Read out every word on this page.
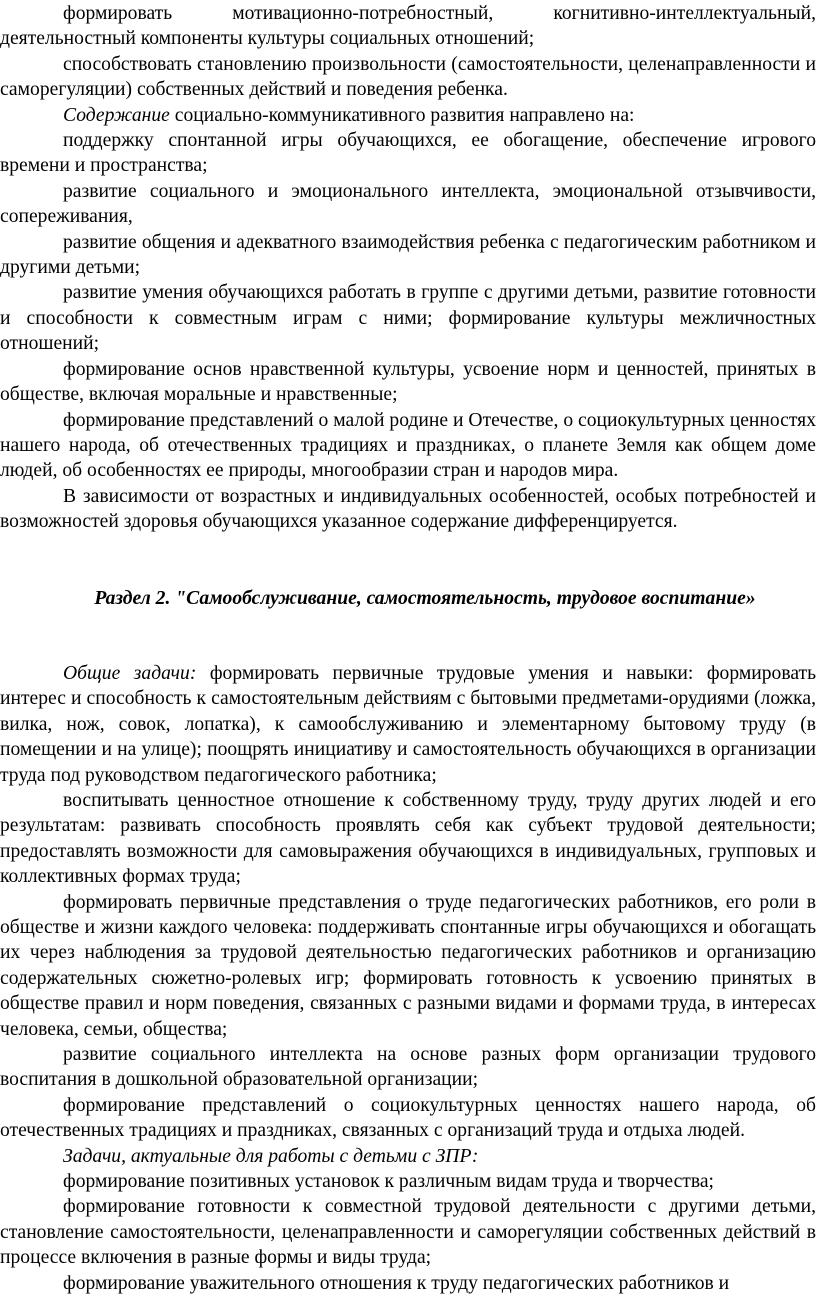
формировать мотивационно-потребностный, когнитивно-интеллектуальный, деятельностный компоненты культуры социальных отношений;

способствовать становлению произвольности (самостоятельности, целенаправленности и саморегуляции) собственных действий и поведения ребенка.

Содержание социально-коммуникативного развития направлено на:

поддержку спонтанной игры обучающихся, ее обогащение, обеспечение игрового времени и пространства;

развитие социального и эмоционального интеллекта, эмоциональной отзывчивости, сопереживания,

развитие общения и адекватного взаимодействия ребенка с педагогическим работником и другими детьми;

развитие умения обучающихся работать в группе с другими детьми, развитие готовности и способности к совместным играм с ними; формирование культуры межличностных отношений;

формирование основ нравственной культуры, усвоение норм и ценностей, принятых в обществе, включая моральные и нравственные;

формирование представлений о малой родине и Отечестве, о социокультурных ценностях нашего народа, об отечественных традициях и праздниках, о планете Земля как общем доме людей, об особенностях ее природы, многообразии стран и народов мира.

В зависимости от возрастных и индивидуальных особенностей, особых потребностей и возможностей здоровья обучающихся указанное содержание дифференцируется.

Раздел 2. "Самообслуживание, самостоятельность, трудовое воспитание»

Общие задачи: формировать первичные трудовые умения и навыки: формировать интерес и способность к самостоятельным действиям с бытовыми предметами-орудиями (ложка, вилка, нож, совок, лопатка), к самообслуживанию и элементарному бытовому труду (в помещении и на улице); поощрять инициативу и самостоятельность обучающихся в организации труда под руководством педагогического работника;

воспитывать ценностное отношение к собственному труду, труду других людей и его результатам: развивать способность проявлять себя как субъект трудовой деятельности; предоставлять возможности для самовыражения обучающихся в индивидуальных, групповых и коллективных формах труда;

формировать первичные представления о труде педагогических работников, его роли в обществе и жизни каждого человека: поддерживать спонтанные игры обучающихся и обогащать их через наблюдения за трудовой деятельностью педагогических работников и организацию содержательных сюжетно-ролевых игр; формировать готовность к усвоению принятых в обществе правил и норм поведения, связанных с разными видами и формами труда, в интересах человека, семьи, общества;

развитие социального интеллекта на основе разных форм организации трудового воспитания в дошкольной образовательной организации;

формирование представлений о социокультурных ценностях нашего народа, об отечественных традициях и праздниках, связанных с организаций труда и отдыха людей.

Задачи, актуальные для работы с детьми с ЗПР:

формирование позитивных установок к различным видам труда и творчества;

формирование готовности к совместной трудовой деятельности с другими детьми, становление самостоятельности, целенаправленности и саморегуляции собственных действий в процессе включения в разные формы и виды труда;

формирование уважительного отношения к труду педагогических работников и
